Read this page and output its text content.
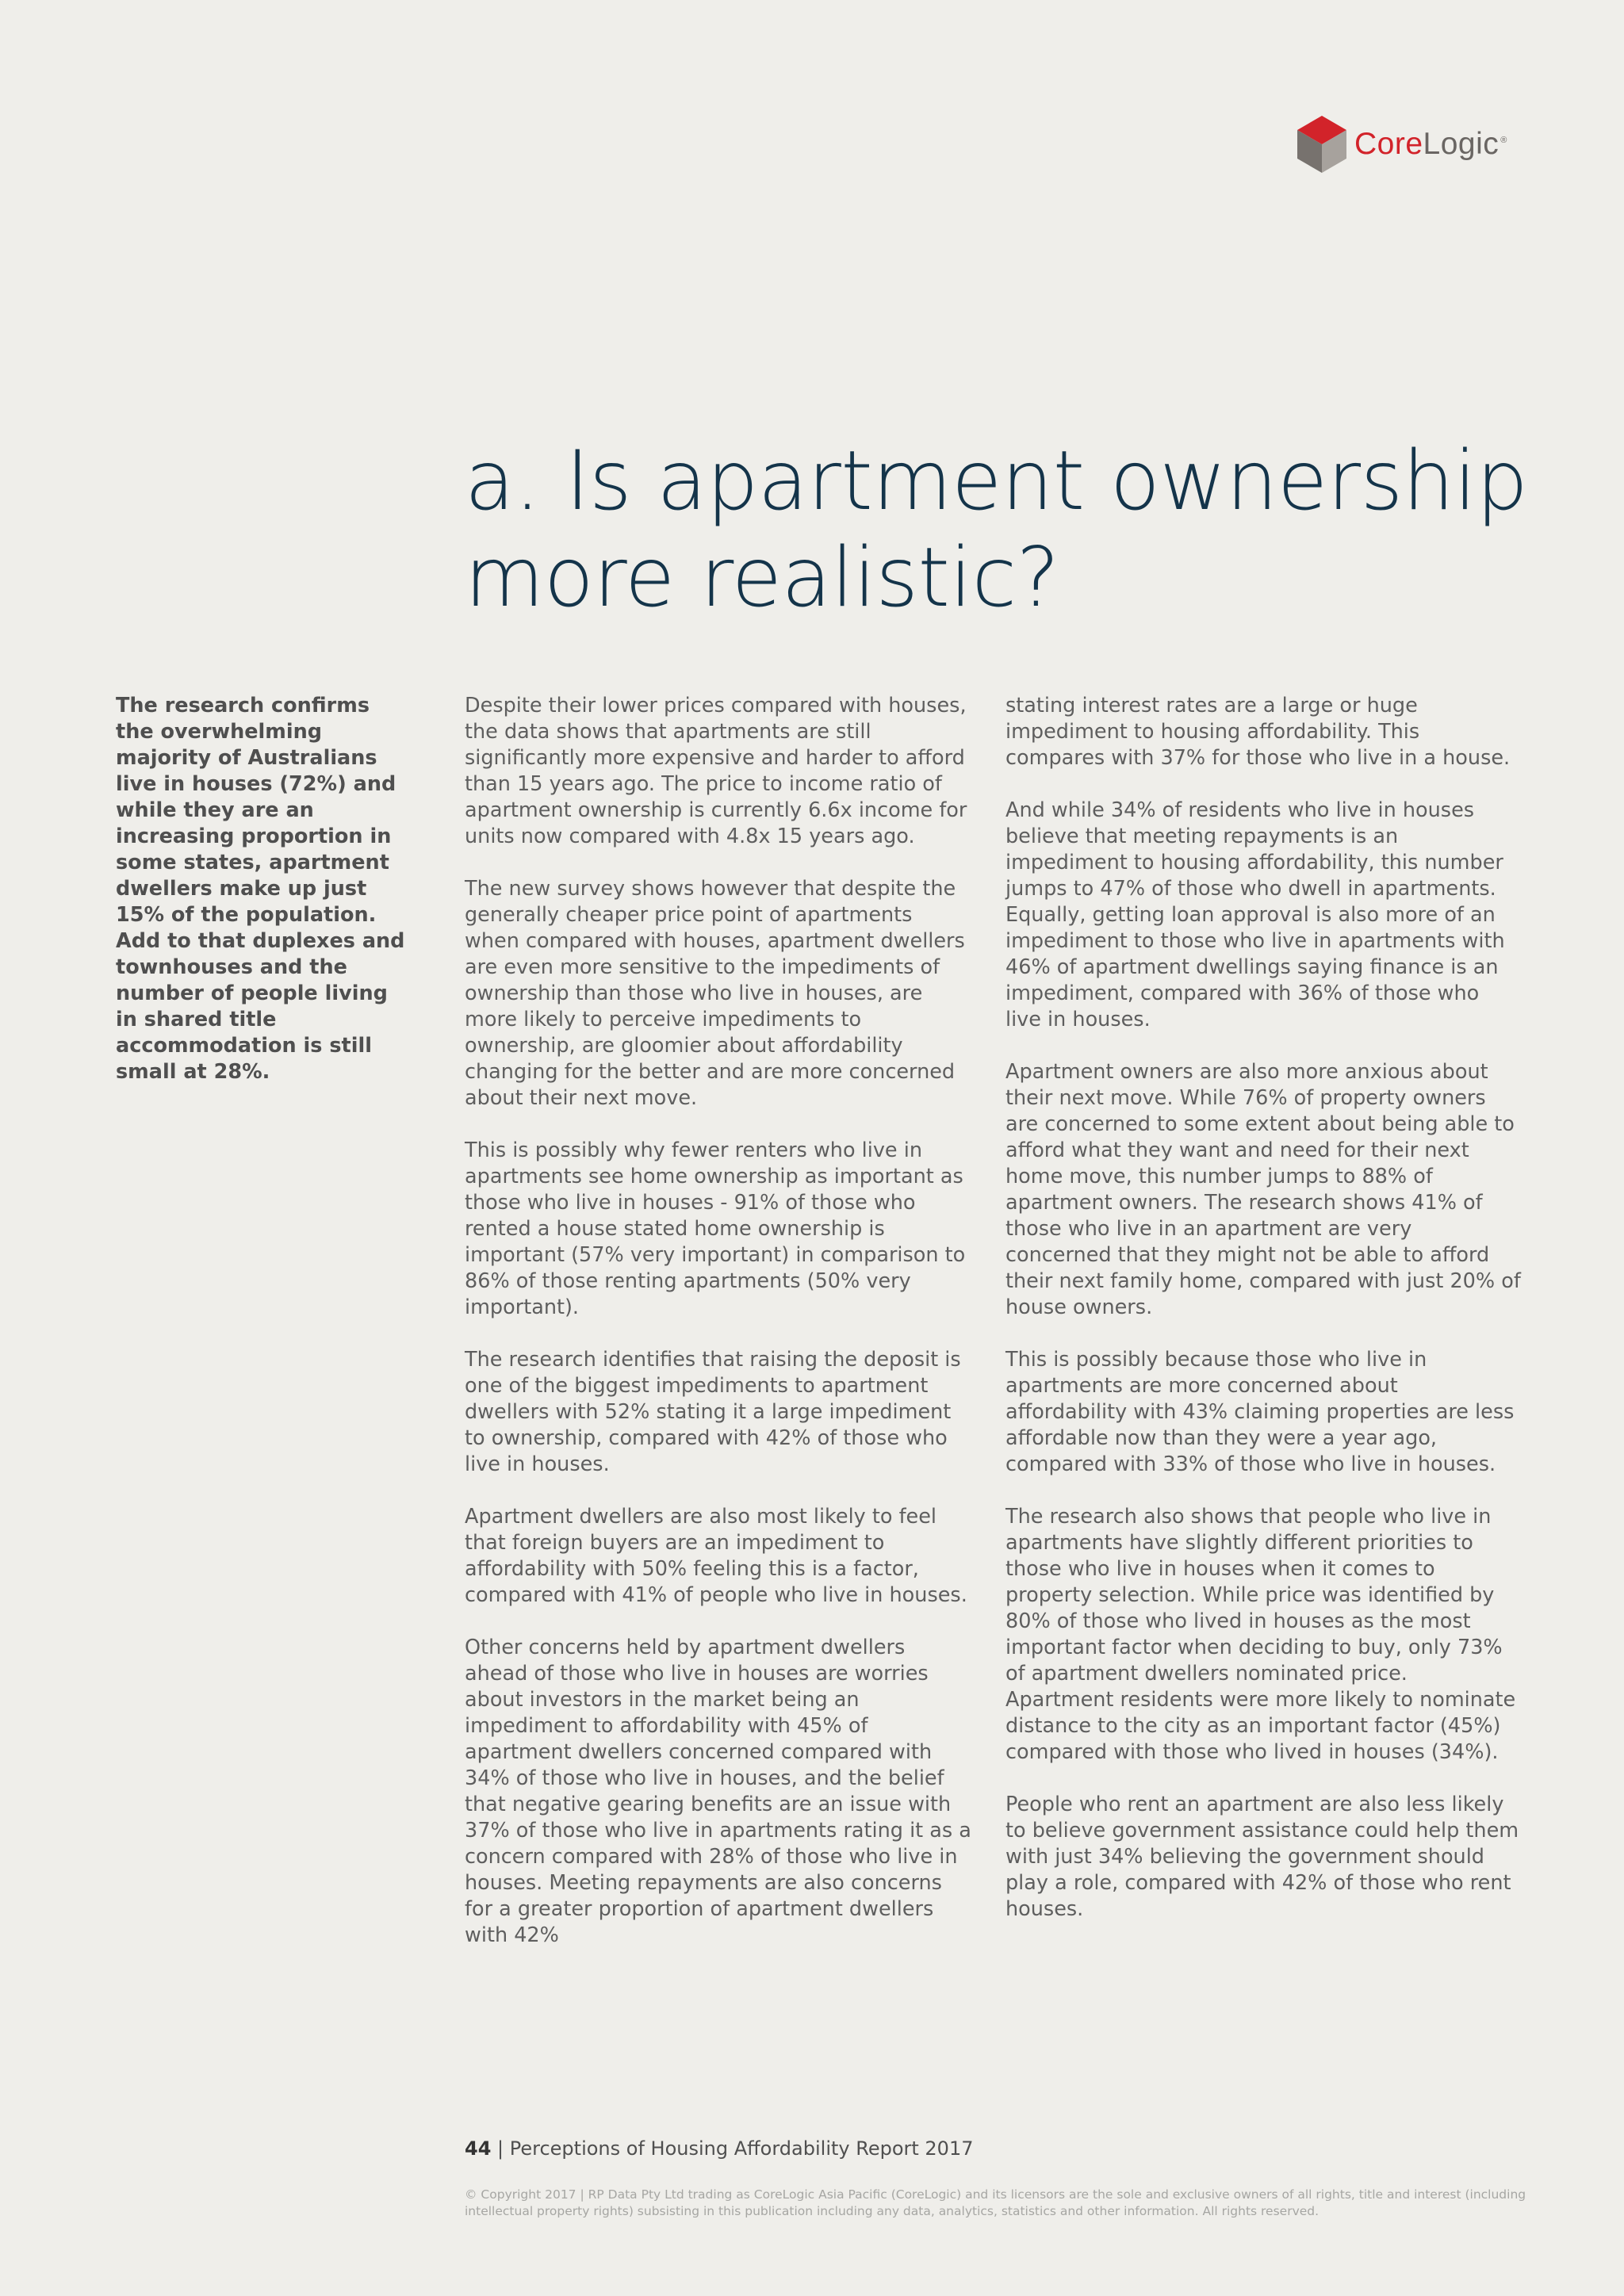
CoreLogic ®
a. Is apartment ownership more realistic?

The research confirms the overwhelming majority of Australians live in houses (72%) and while they are an increasing proportion in some states, apartment dwellers make up just 15% of the population. Add to that duplexes and townhouses and the number of people living in shared title accommodation is still small at 28%.

Despite their lower prices compared with houses, the data shows that apartments are still significantly more expensive and harder to afford than 15 years ago. The price to income ratio of apartment ownership is currently 6.6x income for units now compared with 4.8x 15 years ago.

The new survey shows however that despite the generally cheaper price point of apartments when compared with houses, apartment dwellers are even more sensitive to the impediments of ownership than those who live in houses, are more likely to perceive impediments to ownership, are gloomier about affordability changing for the better and are more concerned about their next move.

This is possibly why fewer renters who live in apartments see home ownership as important as those who live in houses - 91% of those who rented a house stated home ownership is important (57% very important) in comparison to 86% of those renting apartments (50% very important).

The research identifies that raising the deposit is one of the biggest impediments to apartment dwellers with 52% stating it a large impediment to ownership, compared with 42% of those who live in houses.

Apartment dwellers are also most likely to feel that foreign buyers are an impediment to affordability with 50% feeling this is a factor, compared with 41% of people who live in houses.

Other concerns held by apartment dwellers ahead of those who live in houses are worries about investors in the market being an impediment to affordability with 45% of apartment dwellers concerned compared with 34% of those who live in houses, and the belief that negative gearing benefits are an issue with 37% of those who live in apartments rating it as a concern compared with 28% of those who live in houses. Meeting repayments are also concerns for a greater proportion of apartment dwellers with 42%

stating interest rates are a large or huge impediment to housing affordability. This compares with 37% for those who live in a house.

And while 34% of residents who live in houses believe that meeting repayments is an impediment to housing affordability, this number jumps to 47% of those who dwell in apartments. Equally, getting loan approval is also more of an impediment to those who live in apartments with 46% of apartment dwellings saying finance is an impediment, compared with 36% of those who live in houses.

Apartment owners are also more anxious about their next move. While 76% of property owners are concerned to some extent about being able to afford what they want and need for their next home move, this number jumps to 88% of apartment owners. The research shows 41% of those who live in an apartment are very concerned that they might not be able to afford their next family home, compared with just 20% of house owners.

This is possibly because those who live in apartments are more concerned about affordability with 43% claiming properties are less affordable now than they were a year ago, compared with 33% of those who live in houses.

The research also shows that people who live in apartments have slightly different priorities to those who live in houses when it comes to property selection. While price was identified by 80% of those who lived in houses as the most important factor when deciding to buy, only 73% of apartment dwellers nominated price. Apartment residents were more likely to nominate distance to the city as an important factor (45%) compared with those who lived in houses (34%).

People who rent an apartment are also less likely to believe government assistance could help them with just 34% believing the government should play a role, compared with 42% of those who rent houses.

44 | Perceptions of Housing Affordability Report 2017

© Copyright 2017 | RP Data Pty Ltd trading as CoreLogic Asia Pacific (CoreLogic) and its licensors are the sole and exclusive owners of all rights, title and interest (including intellectual property rights) subsisting in this publication including any data, analytics, statistics and other information. All rights reserved.
